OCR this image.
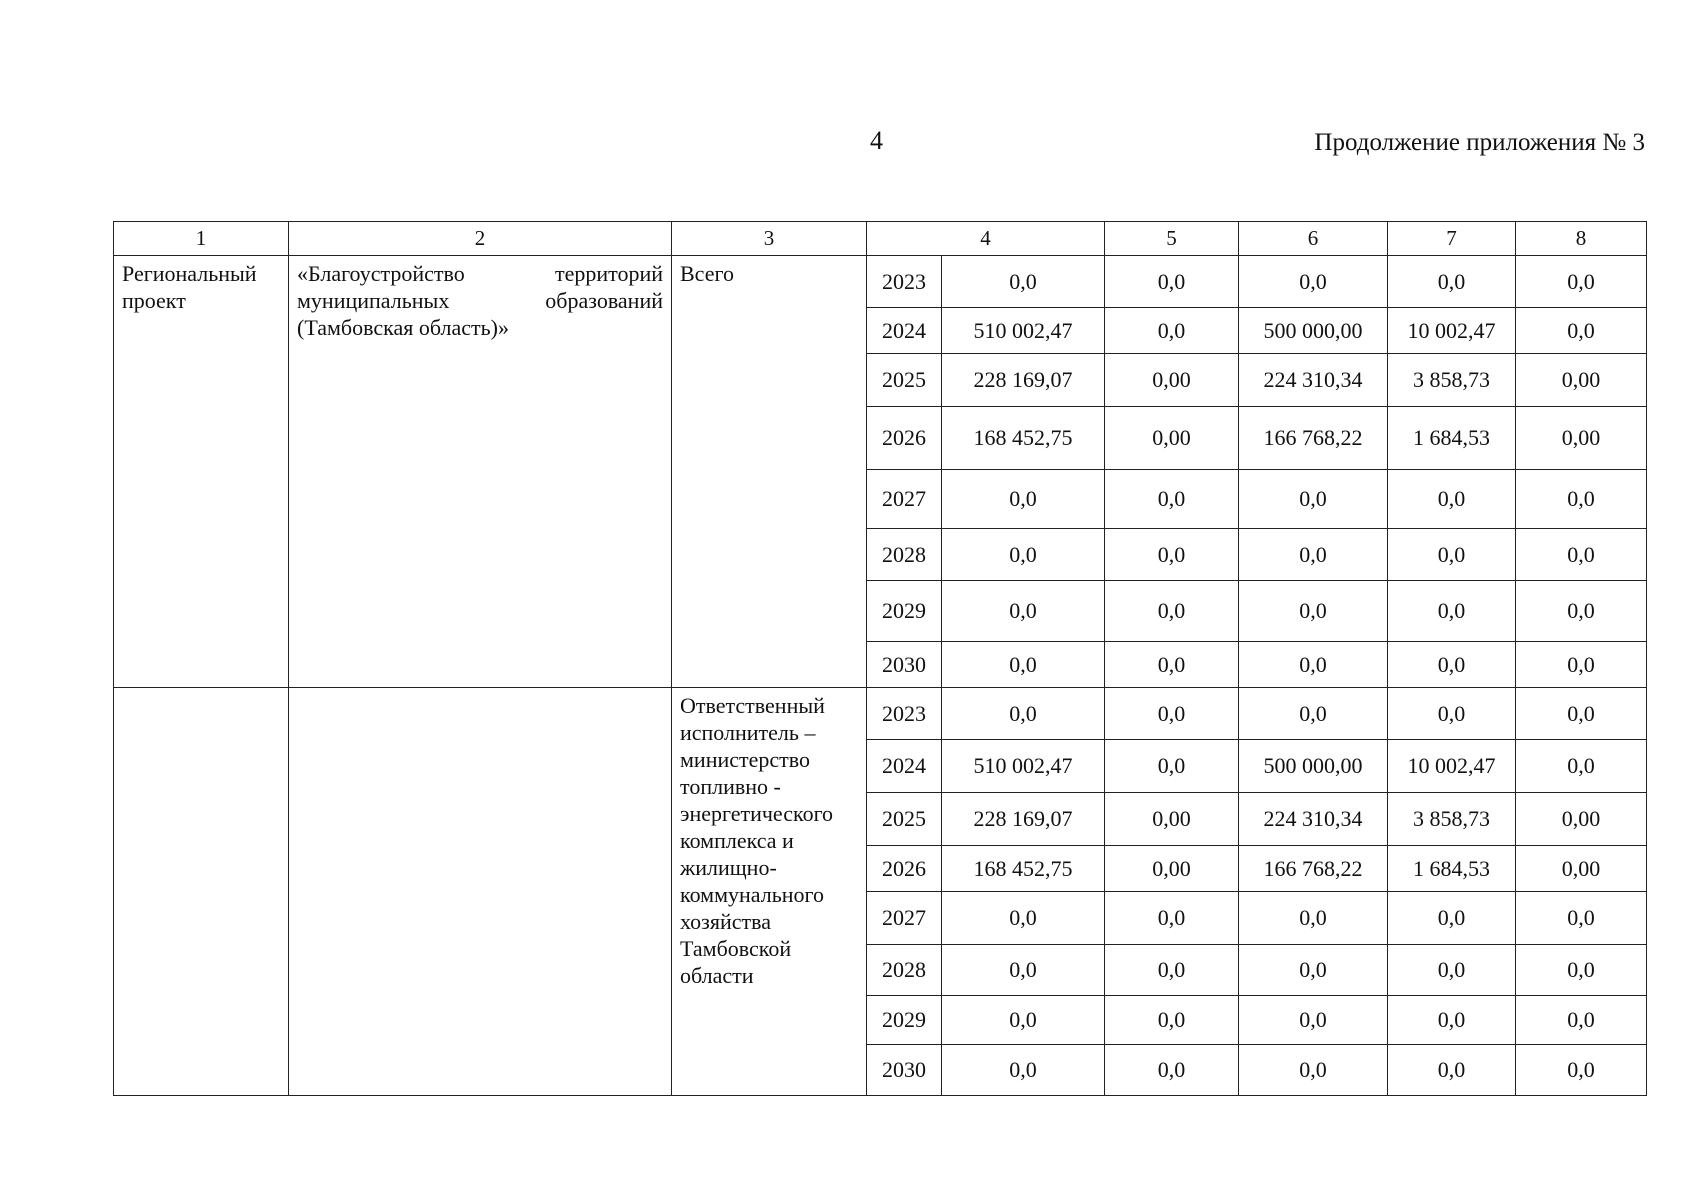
4	Продолжение приложения № 3
1	2	3	4		5	6	7	8
Региональный проект	«Благоустройство территорий муниципальных образований (Тамбовская область)»	Всего	2023	0,0	0,0	0,0	0,0	0,0
			2024	510 002,47	0,0	500 000,00	10 002,47	0,0
			2025	228 169,07	0,00	224 310,34	3 858,73	0,00
			2026	168 452,75	0,00	166 768,22	1 684,53	0,00
			2027	0,0	0,0	0,0	0,0	0,0
			2028	0,0	0,0	0,0	0,0	0,0
			2029	0,0	0,0	0,0	0,0	0,0
			2030	0,0	0,0	0,0	0,0	0,0
		Ответственный исполнитель – министерство топливно - энергетического комплекса и жилищно-коммунального хозяйства Тамбовской области	2023	0,0	0,0	0,0	0,0	0,0
			2024	510 002,47	0,0	500 000,00	10 002,47	0,0
			2025	228 169,07	0,00	224 310,34	3 858,73	0,00
			2026	168 452,75	0,00	166 768,22	1 684,53	0,00
			2027	0,0	0,0	0,0	0,0	0,0
			2028	0,0	0,0	0,0	0,0	0,0
			2029	0,0	0,0	0,0	0,0	0,0
			2030	0,0	0,0	0,0	0,0	0,0
